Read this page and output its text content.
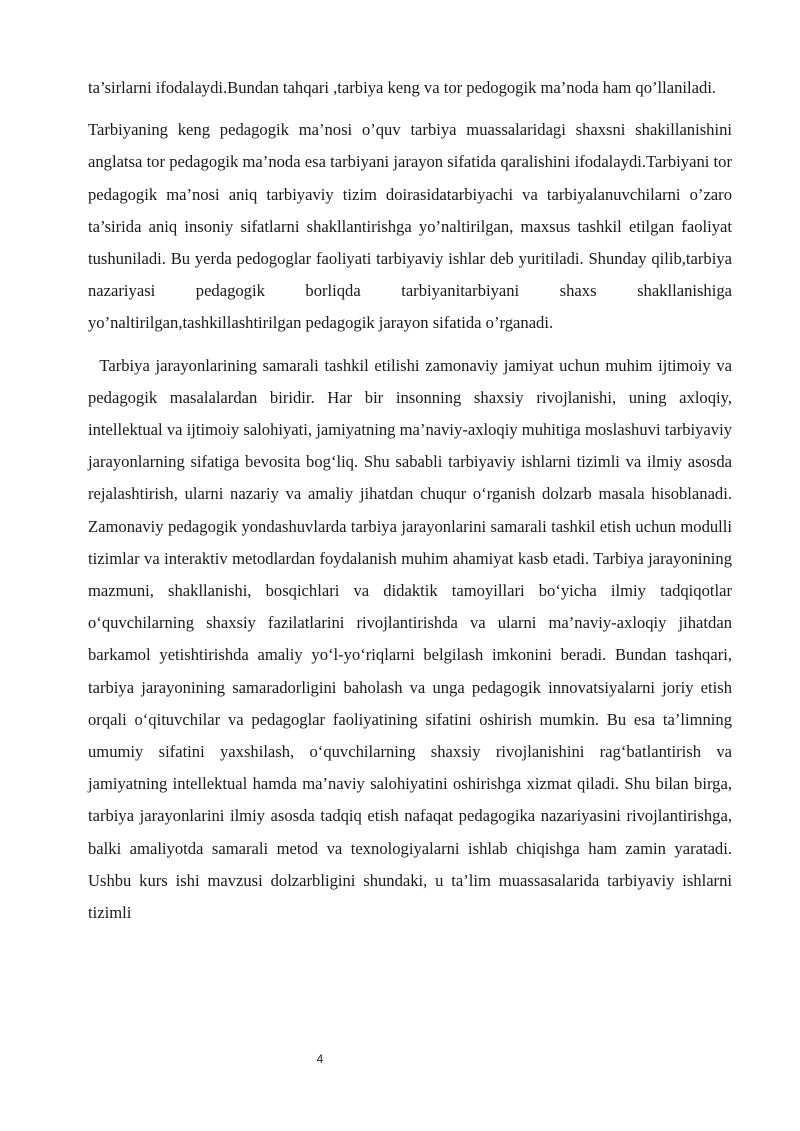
ta’sirlarni ifodalaydi.Bundan tahqari ,tarbiya keng va tor pedogogik ma’noda ham qo’llaniladi.

Tarbiyaning keng pedagogik ma’nosi o’quv tarbiya muassalaridagi shaxsni shakillanishini anglatsa tor pedagogik ma’noda esa tarbiyani jarayon sifatida qaralishini ifodalaydi.Tarbiyani tor pedagogik ma’nosi aniq tarbiyaviy tizim doirasidatarbiyachi va tarbiyalanuvchilarni o’zaro ta’sirida aniq insoniy sifatlarni shakllantirishga yo’naltirilgan, maxsus tashkil etilgan faoliyat tushuniladi. Bu yerda pedogoglar faoliyati tarbiyaviy ishlar deb yuritiladi. Shunday qilib,tarbiya nazariyasi pedagogik borliqda tarbiyanitarbiyani shaxs shakllanishiga yo’naltirilgan,tashkillashtirilgan pedagogik jarayon sifatida o’rganadi.

Tarbiya jarayonlarining samarali tashkil etilishi zamonaviy jamiyat uchun muhim ijtimoiy va pedagogik masalalardan biridir. Har bir insonning shaxsiy rivojlanishi, uning axloqiy, intellektual va ijtimoiy salohiyati, jamiyatning ma’naviy-axloqiy muhitiga moslashuvi tarbiyaviy jarayonlarning sifatiga bevosita bog‘liq. Shu sababli tarbiyaviy ishlarni tizimli va ilmiy asosda rejalashtirish, ularni nazariy va amaliy jihatdan chuqur o‘rganish dolzarb masala hisoblanadi. Zamonaviy pedagogik yondashuvlarda tarbiya jarayonlarini samarali tashkil etish uchun modulli tizimlar va interaktiv metodlardan foydalanish muhim ahamiyat kasb etadi. Tarbiya jarayonining mazmuni, shakllanishi, bosqichlari va didaktik tamoyillari bo‘yicha ilmiy tadqiqotlar o‘quvchilarning shaxsiy fazilatlarini rivojlantirishda va ularni ma’naviy-axloqiy jihatdan barkamol yetishtirishda amaliy yo‘l-yo‘riqlarni belgilash imkonini beradi. Bundan tashqari, tarbiya jarayonining samaradorligini baholash va unga pedagogik innovatsiyalarni joriy etish orqali o‘qituvchilar va pedagoglar faoliyatining sifatini oshirish mumkin. Bu esa ta’limning umumiy sifatini yaxshilash, o‘quvchilarning shaxsiy rivojlanishini rag‘batlantirish va jamiyatning intellektual hamda ma’naviy salohiyatini oshirishga xizmat qiladi. Shu bilan birga, tarbiya jarayonlarini ilmiy asosda tadqiq etish nafaqat pedagogika nazariyasini rivojlantirishga, balki amaliyotda samarali metod va texnologiyalarni ishlab chiqishga ham zamin yaratadi. Ushbu kurs ishi mavzusi dolzarbligini shundaki, u ta’lim muassasalarida tarbiyaviy ishlarni tizimli

4
